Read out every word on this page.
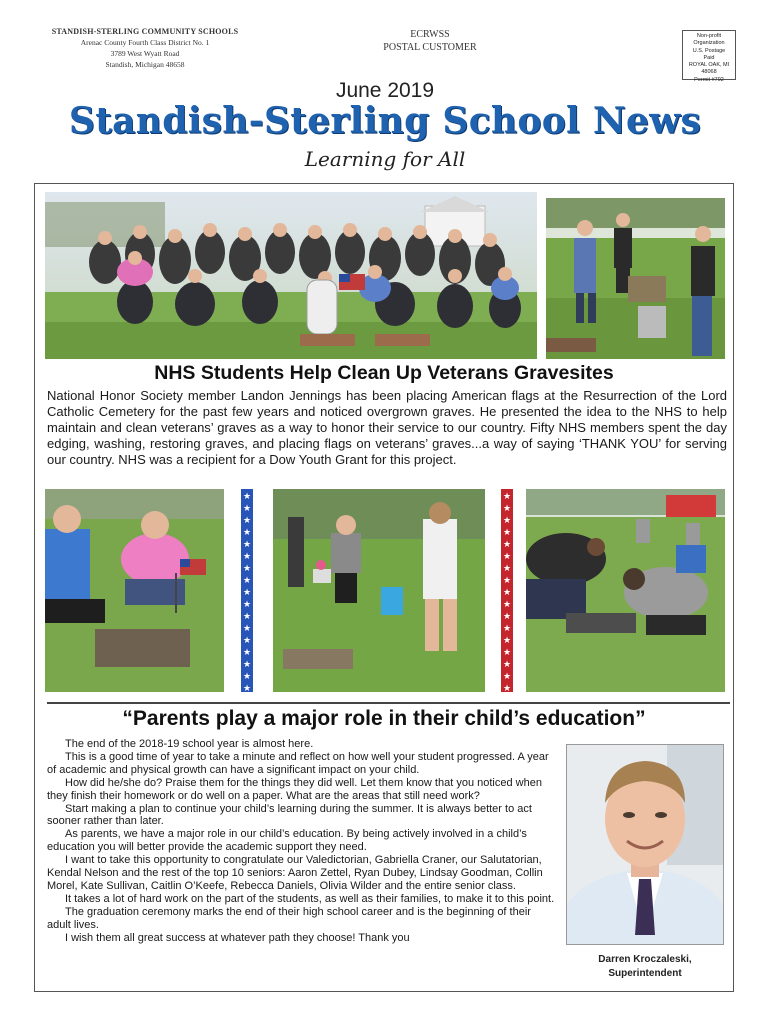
STANDISH-STERLING COMMUNITY SCHOOLS
Arenac County Fourth Class District No. 1
3789 West Wyatt Road
Standish, Michigan 48658
ECRWSS
POSTAL CUSTOMER
Non-profit
Organization
U.S. Postage
Paid
ROYAL OAK, MI
48068
Permit #792
June 2019
Standish-Sterling School News
Learning for All
NHS Students Help Clean Up Veterans Gravesites
National Honor Society member Landon Jennings has been placing American flags at the Resurrection of the Lord Catholic Cemetery for the past few years and noticed overgrown graves. He presented the idea to the NHS to help maintain and clean veterans’ graves as a way to honor their service to our country. Fifty NHS members spent the day edging, washing, restoring graves, and placing flags on veterans’ graves...a way of saying ‘THANK YOU’ for serving our country. NHS was a recipient for a Dow Youth Grant for this project.
★
★
★
★
★
★
★
★
★
★
★
★
★
★
★
★
★
★
★
★
★
★
★
★
★
★
★
★
★
★
★
★
★
★
“Parents play a major role in their child’s education”

The end of the 2018-19 school year is almost here.

This is a good time of year to take a minute and reflect on how well your student progressed. A year of academic and physical growth can have a significant impact on your child.

How did he/she do? Praise them for the things they did well. Let them know that you noticed when they finish their homework or do well on a paper. What are the areas that still need work?

Start making a plan to continue your child’s learning during the summer. It is always better to act sooner rather than later.

As parents, we have a major role in our child’s education. By being actively involved in a child’s education you will better provide the academic support they need.

I want to take this opportunity to congratulate our Valedictorian, Gabriella Craner, our Salutatorian, Kendal Nelson and the rest of the top 10 seniors: Aaron Zettel, Ryan Dubey, Lindsay Goodman, Collin Morel, Kate Sullivan, Caitlin O’Keefe, Rebecca Daniels, Olivia Wilder and the entire senior class.

It takes a lot of hard work on the part of the students, as well as their families, to make it to this point.

The graduation ceremony marks the end of their high school career and is the beginning of their adult lives.

I wish them all great success at whatever path they choose! Thank you

Darren Kroczaleski,
Superintendent
